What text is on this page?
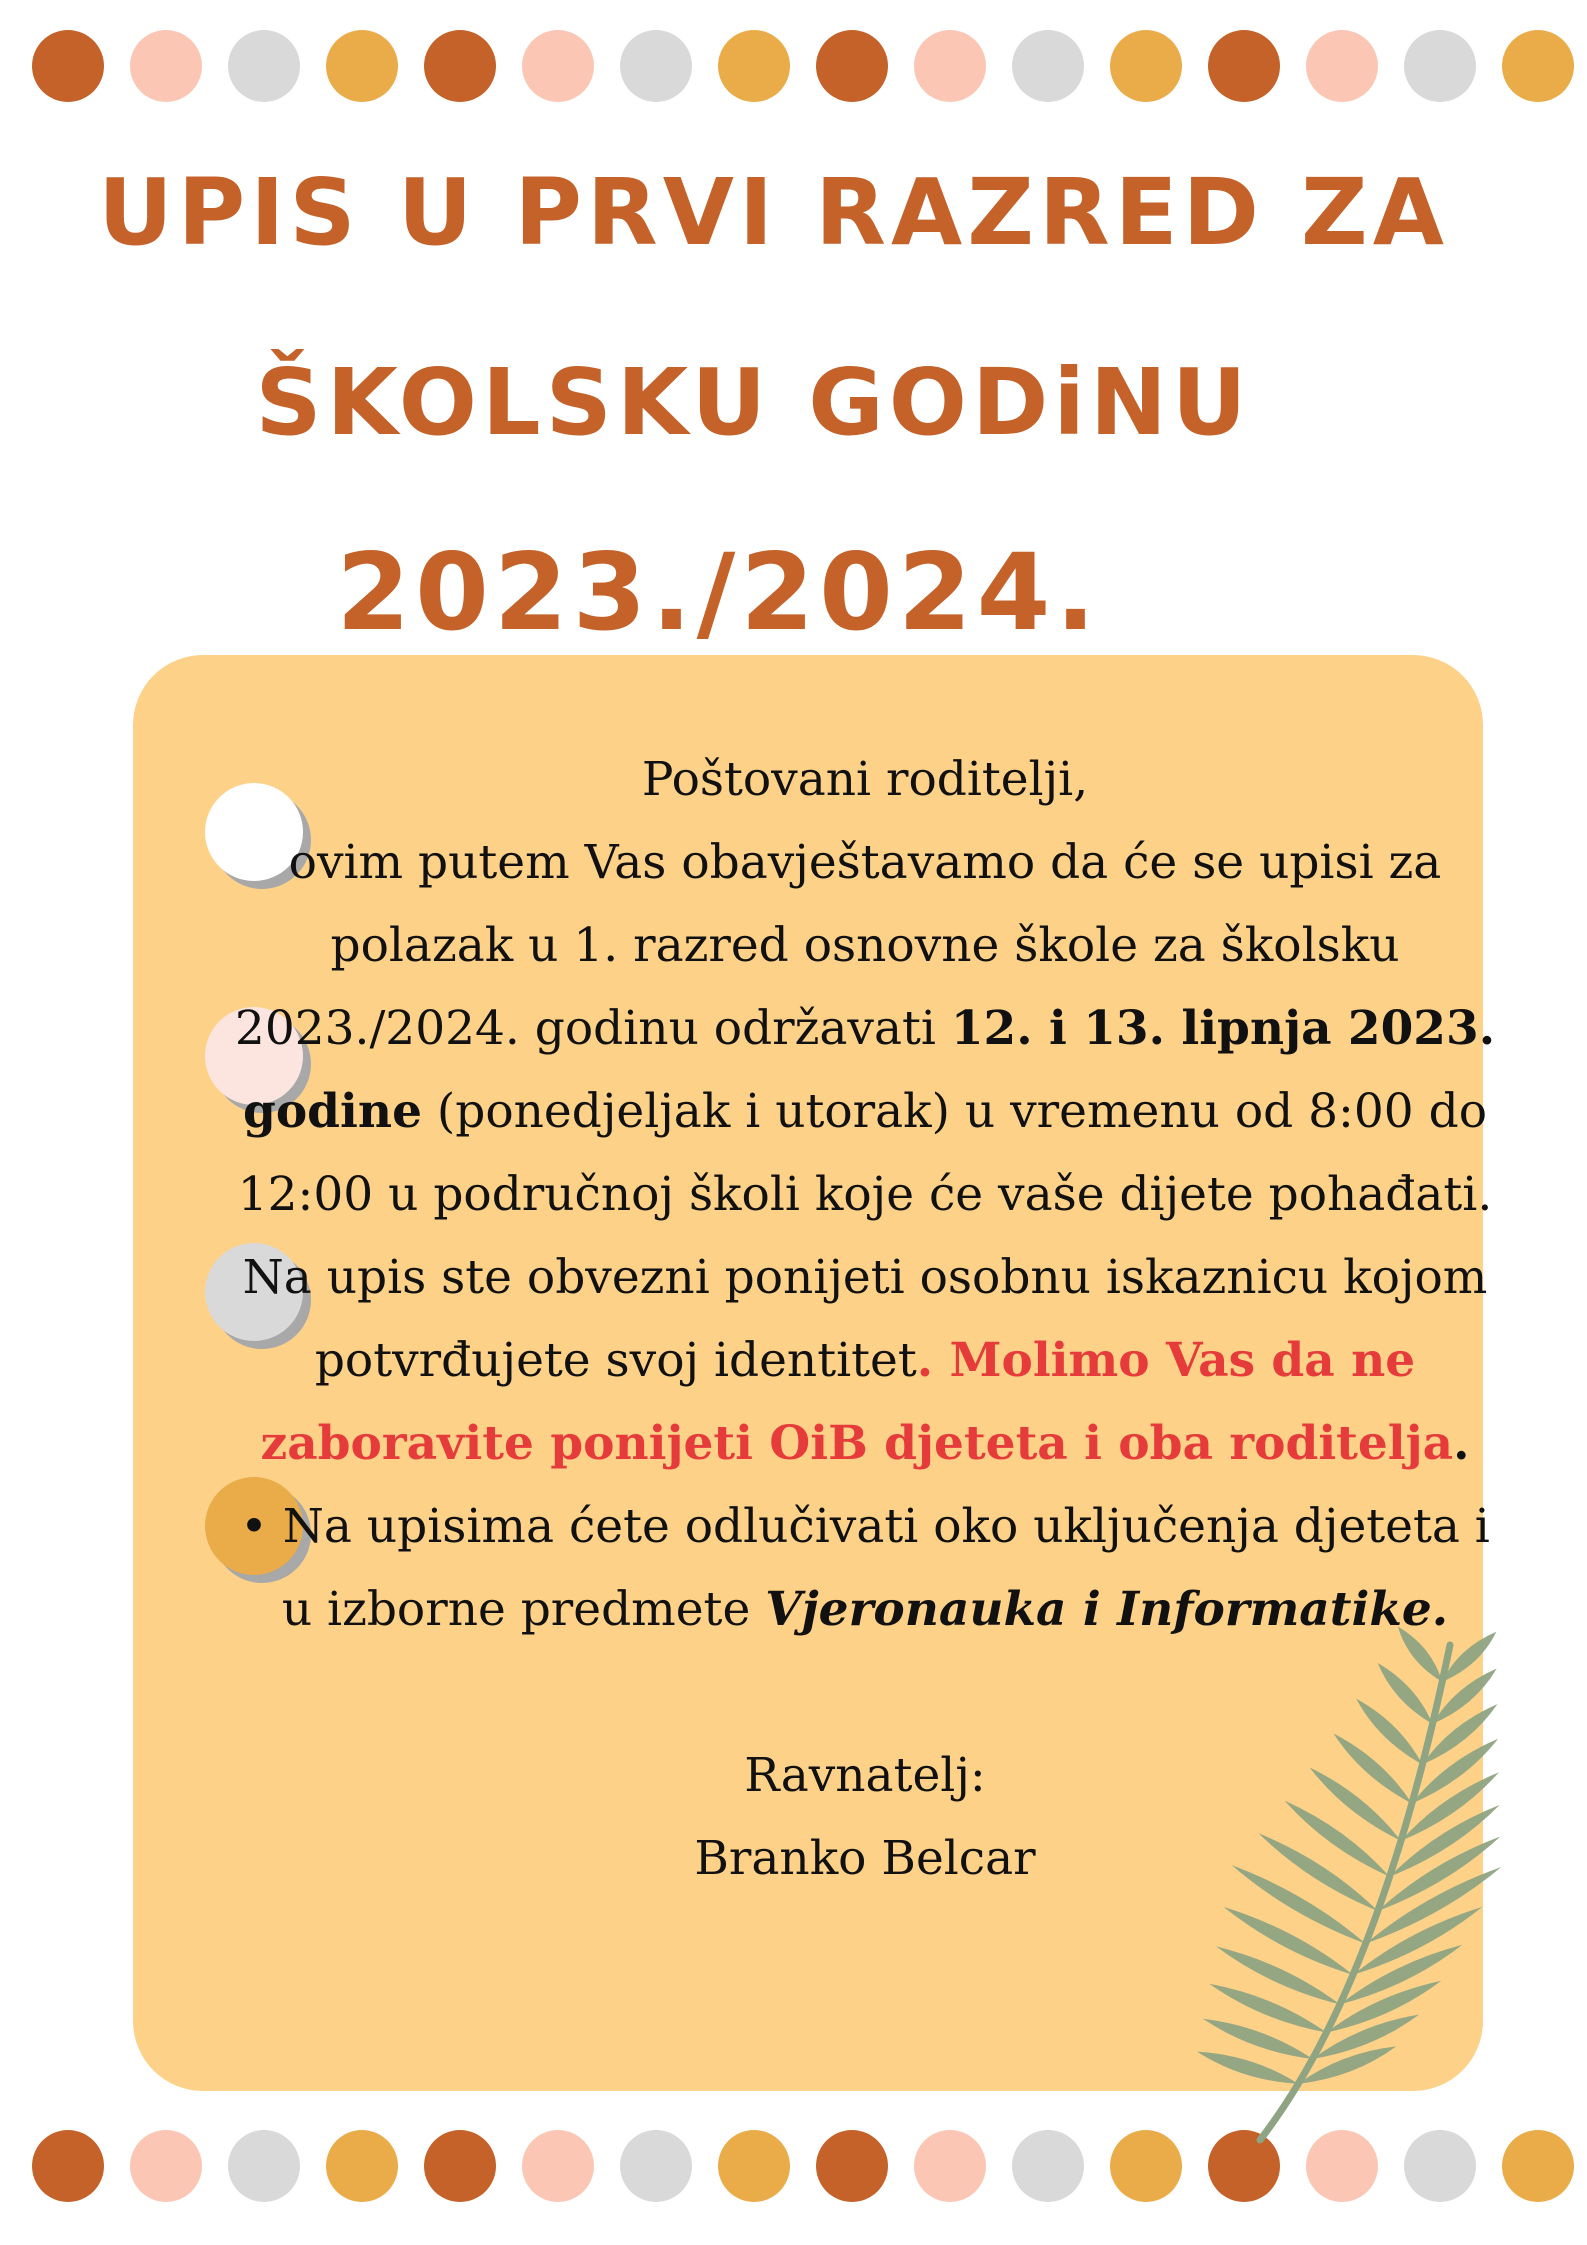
UPIS U PRVI RAZRED ZA
ŠKOLSKU GODiNU
2023./2024.

Poštovani roditelji,

ovim putem Vas obavještavamo da će se upisi za polazak u 1. razred osnovne škole za školsku 2023./2024. godinu održavati 12. i 13. lipnja 2023. godine (ponedjeljak i utorak) u vremenu od 8:00 do 12:00 u područnoj školi koje će vaše dijete pohađati.

Na upis ste obvezni ponijeti osobnu iskaznicu kojom potvrđujete svoj identitet. Molimo Vas da ne zaboravite ponijeti OiB djeteta i oba roditelja.

• Na upisima ćete odlučivati oko uključenja djeteta i u izborne predmete Vjeronauka i Informatike.

Ravnatelj:

Branko Belcar
